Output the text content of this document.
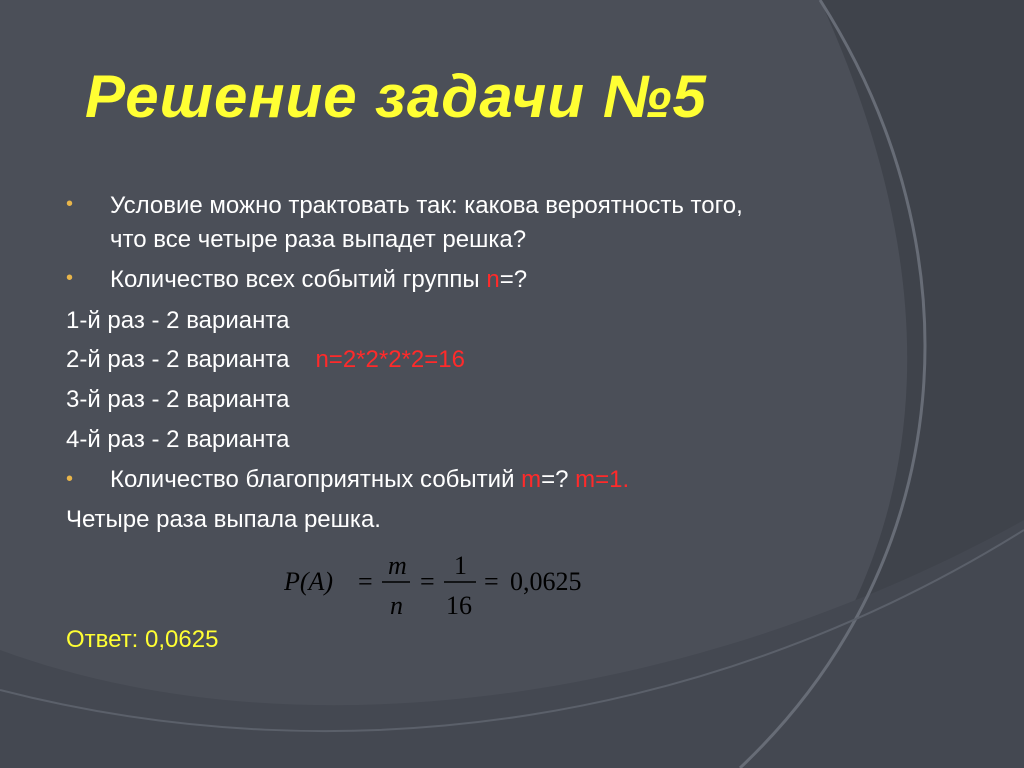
Решение задачи №5
• Условие можно трактовать так: какова вероятность того,
что все четыре раза выпадет решка?
• Количество всех событий группы n=?
1-й раз - 2 варианта
2-й раз - 2 варианта n=2*2*2*2=16
3-й раз - 2 варианта
4-й раз - 2 варианта
• Количество благоприятных событий m=? m=1.
Четыре раза выпала решка.
P(A) =
m
n
=
1
16
= 0,0625
Ответ: 0,0625
